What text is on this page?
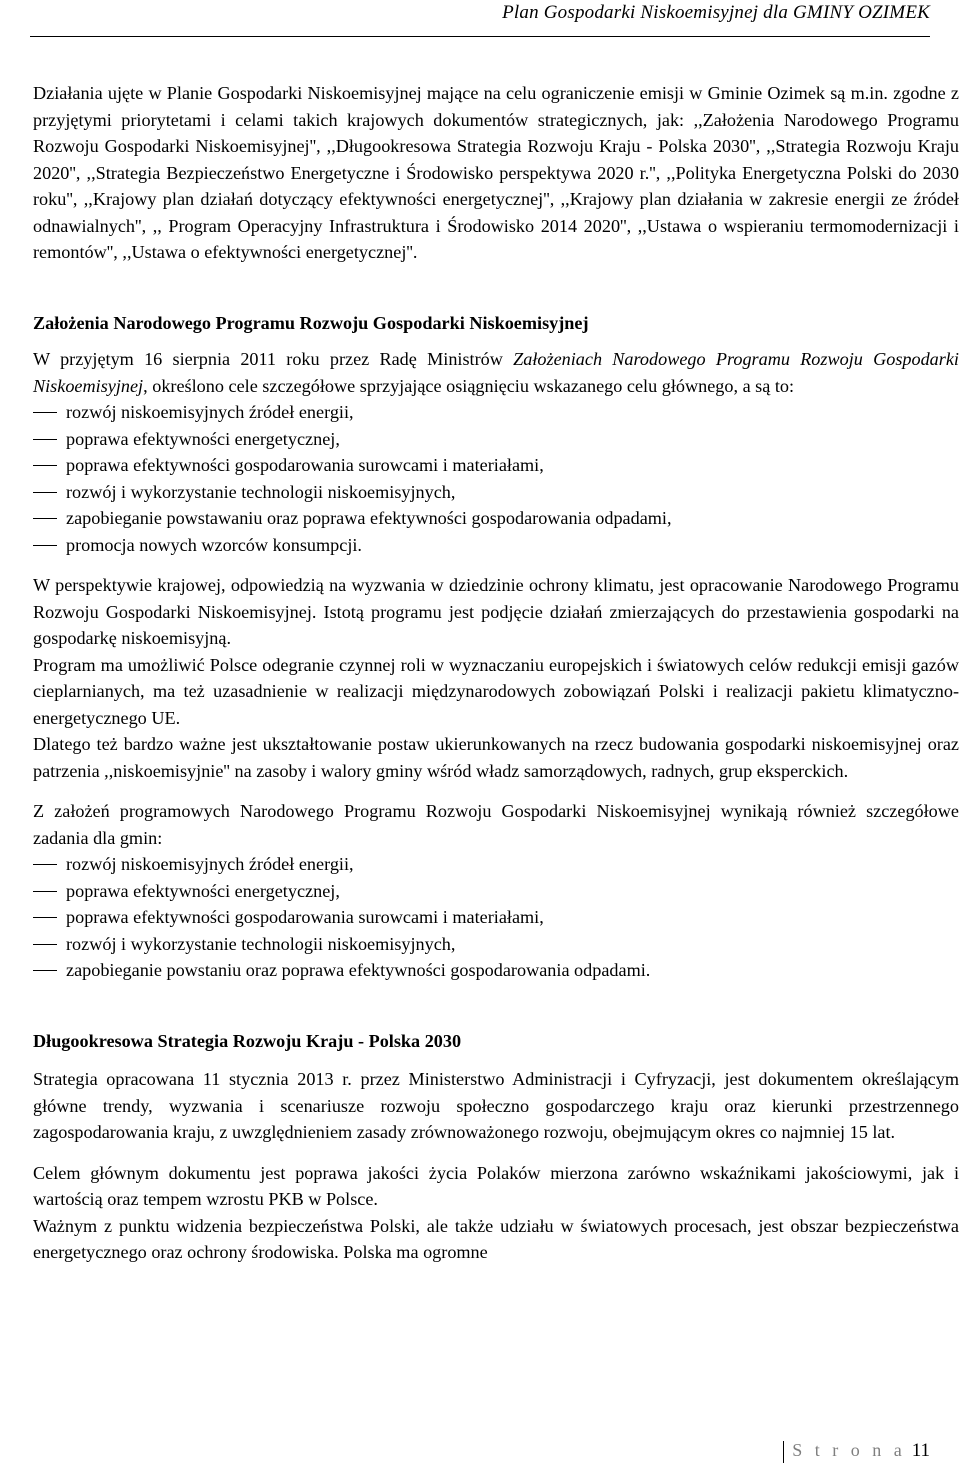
Plan Gospodarki Niskoemisyjnej dla GMINY OZIMEK

Działania ujęte w Planie Gospodarki Niskoemisyjnej mające na celu ograniczenie emisji w Gminie Ozimek są m.in. zgodne z przyjętymi priorytetami i celami takich krajowych dokumentów strategicznych, jak: ,,Założenia Narodowego Programu Rozwoju Gospodarki Niskoemisyjnej'', ,,Długookresowa Strategia Rozwoju Kraju - Polska 2030'', ,,Strategia Rozwoju Kraju 2020'', ,,Strategia Bezpieczeństwo Energetyczne i Środowisko perspektywa 2020 r.'', ,,Polityka Energetyczna Polski do 2030 roku'', ,,Krajowy plan działań dotyczący efektywności energetycznej'', ,,Krajowy plan działania w zakresie energii ze źródeł odnawialnych'', ,, Program Operacyjny Infrastruktura i Środowisko 2014 2020'', ,,Ustawa o wspieraniu termomodernizacji i remontów'', ,,Ustawa o efektywności energetycznej''.

Założenia Narodowego Programu Rozwoju Gospodarki Niskoemisyjnej

W przyjętym 16 sierpnia 2011 roku przez Radę Ministrów Założeniach Narodowego Programu Rozwoju Gospodarki Niskoemisyjnej, określono cele szczegółowe sprzyjające osiągnięciu wskazanego celu głównego, a są to:

rozwój niskoemisyjnych źródeł energii,
poprawa efektywności energetycznej,
poprawa efektywności gospodarowania surowcami i materiałami,
rozwój i wykorzystanie technologii niskoemisyjnych,
zapobieganie powstawaniu oraz poprawa efektywności gospodarowania odpadami,
promocja nowych wzorców konsumpcji.

W perspektywie krajowej, odpowiedzią na wyzwania w dziedzinie ochrony klimatu, jest opracowanie Narodowego Programu Rozwoju Gospodarki Niskoemisyjnej. Istotą programu jest podjęcie działań zmierzających do przestawienia gospodarki na gospodarkę niskoemisyjną.

Program ma umożliwić Polsce odegranie czynnej roli w wyznaczaniu europejskich i światowych celów redukcji emisji gazów cieplarnianych, ma też uzasadnienie w realizacji międzynarodowych zobowiązań Polski i realizacji pakietu klimatyczno-energetycznego UE.

Dlatego też bardzo ważne jest ukształtowanie postaw ukierunkowanych na rzecz budowania gospodarki niskoemisyjnej oraz patrzenia ,,niskoemisyjnie'' na zasoby i walory gminy wśród władz samorządowych, radnych, grup eksperckich.

Z założeń programowych Narodowego Programu Rozwoju Gospodarki Niskoemisyjnej wynikają również szczegółowe zadania dla gmin:

rozwój niskoemisyjnych źródeł energii,
poprawa efektywności energetycznej,
poprawa efektywności gospodarowania surowcami i materiałami,
rozwój i wykorzystanie technologii niskoemisyjnych,
zapobieganie powstaniu oraz poprawa efektywności gospodarowania odpadami.
Długookresowa Strategia Rozwoju Kraju - Polska 2030

Strategia opracowana 11 stycznia 2013 r. przez Ministerstwo Administracji i Cyfryzacji, jest dokumentem określającym główne trendy, wyzwania i scenariusze rozwoju społeczno gospodarczego kraju oraz kierunki przestrzennego zagospodarowania kraju, z uwzględnieniem zasady zrównoważonego rozwoju, obejmującym okres co najmniej 15 lat.

Celem głównym dokumentu jest poprawa jakości życia Polaków mierzona zarówno wskaźnikami jakościowymi, jak i wartością oraz tempem wzrostu PKB w Polsce.

Ważnym z punktu widzenia bezpieczeństwa Polski, ale także udziału w światowych procesach, jest obszar bezpieczeństwa energetycznego oraz ochrony środowiska. Polska ma ogromne

S t r o n a 11
